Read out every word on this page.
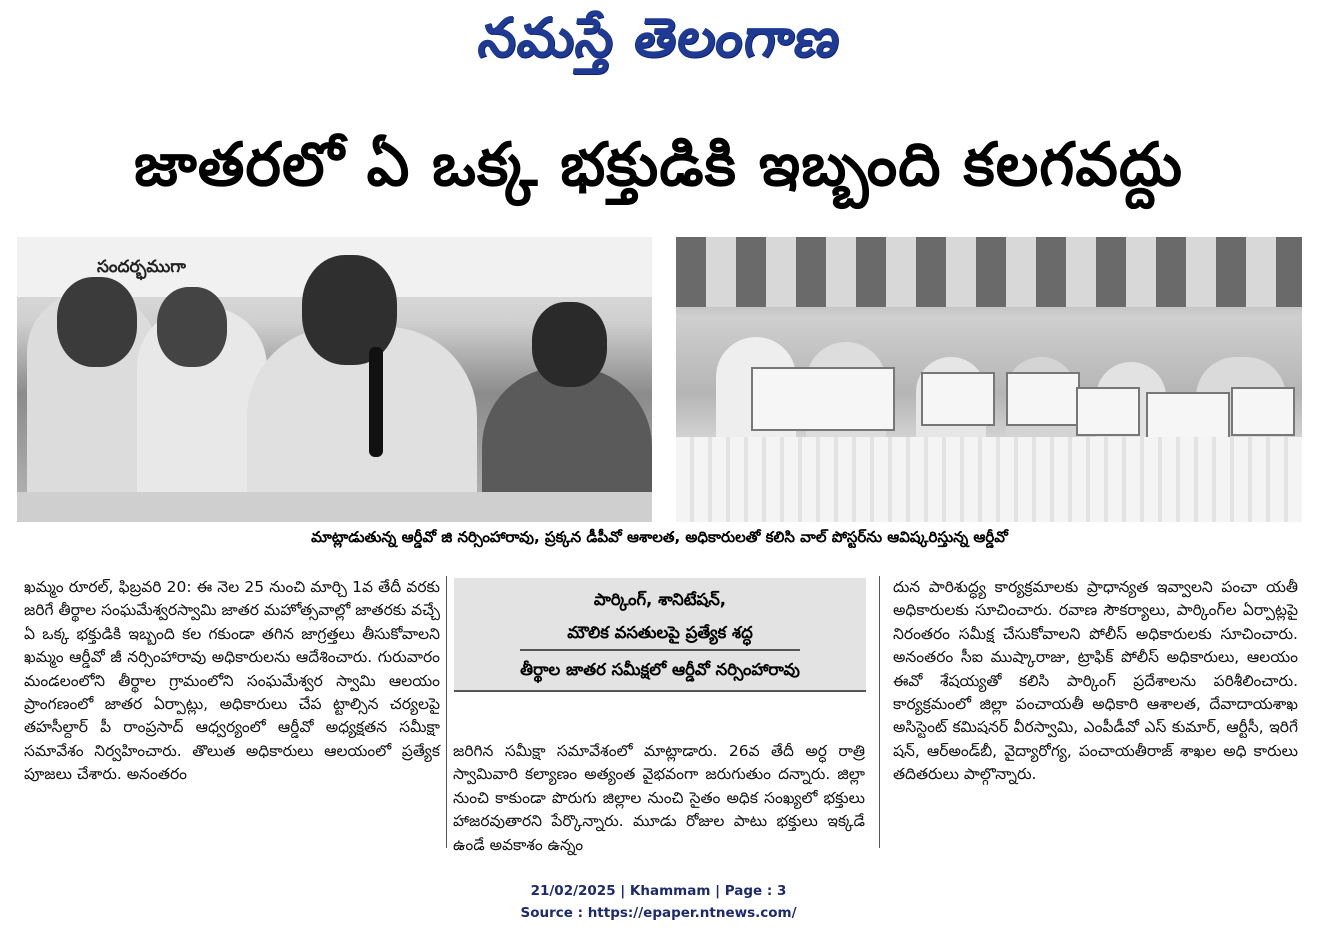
నమస్తే తెలంగాణ
జాతరలో ఏ ఒక్క భక్తుడికి ఇబ్బంది కలగవద్దు
సందర్భముగా
మాట్లాడుతున్న ఆర్డీవో జి నర్సింహారావు, ప్రక్కన డీపీవో ఆశాలత, అధికారులతో కలిసి వాల్ పోస్టర్‌ను ఆవిష్కరిస్తున్న ఆర్డీవో
ఖమ్మం రూరల్, ఫిబ్రవరి 20: ఈ నెల 25 నుంచి మార్చి 1వ తేదీ వరకు జరిగే తీర్థాల సంఘమేశ్వరస్వామి జాతర మహోత్సవాల్లో జాతరకు వచ్చే ఏ ఒక్క భక్తుడికి ఇబ్బంది కల గకుండా తగిన జాగ్రత్తలు తీసుకోవాలని ఖమ్మం ఆర్డీవో జీ నర్సింహారావు అధికారులను ఆదేశించారు. గురువారం మండలంలోని తీర్థాల గ్రామంలోని సంఘమేశ్వర స్వామి ఆలయం ప్రాంగణంలో జాతర ఏర్పాట్లు, అధికారులు చేప ట్టాల్సిన చర్యలపై తహసీల్దార్ పీ రాంప్రసాద్ ఆధ్వర్యంలో ఆర్డీవో అధ్యక్షతన సమీక్షా సమావేశం నిర్వహించారు. తొలుత అధికారులు ఆలయంలో ప్రత్యేక పూజలు చేశారు. అనంతరం
పార్కింగ్, శానిటేషన్,
మౌలిక వసతులపై ప్రత్యేక శద్ధ
తీర్థాల జాతర సమీక్షలో ఆర్డీవో నర్సింహారావు
జరిగిన సమీక్షా సమావేశంలో మాట్లాడారు. 26వ తేదీ అర్ధ రాత్రి స్వామివారి కల్యాణం అత్యంత వైభవంగా జరుగుతుం దన్నారు. జిల్లా నుంచి కాకుండా పొరుగు జిల్లాల నుంచి సైతం అధిక సంఖ్యలో భక్తులు హాజరవుతారని పేర్కొన్నారు. మూడు రోజుల పాటు భక్తులు ఇక్కడే ఉండే అవకాశం ఉన్నం
దున పారిశుద్ధ్య కార్యక్రమాలకు ప్రాధాన్యత ఇవ్వాలని పంచా యతీ అధికారులకు సూచించారు. రవాణ సౌకర్యాలు, పార్కింగ్‌ల ఏర్పాట్లపై నిరంతరం సమీక్ష చేసుకోవాలని పోలీస్ అధికారులకు సూచించారు. అనంతరం సీఐ ముష్కారాజు, ట్రాఫిక్ పోలీస్ అధికారులు, ఆలయం ఈవో శేషయ్యతో కలిసి పార్కింగ్ ప్రదేశాలను పరిశీలించారు. కార్యక్రమంలో జిల్లా పంచాయతీ అధికారి ఆశాలత, దేవాదాయశాఖ అసిస్టెంట్ కమిషనర్ వీరస్వామి, ఎంపీడీవో ఎస్ కుమార్, ఆర్టీసీ, ఇరిగే షన్, ఆర్అండ్‌బీ, వైద్యారోగ్య, పంచాయతీరాజ్ శాఖల అధి కారులు తదితరులు పాల్గొన్నారు.
21/02/2025 | Khammam | Page : 3
Source : https://epaper.ntnews.com/
